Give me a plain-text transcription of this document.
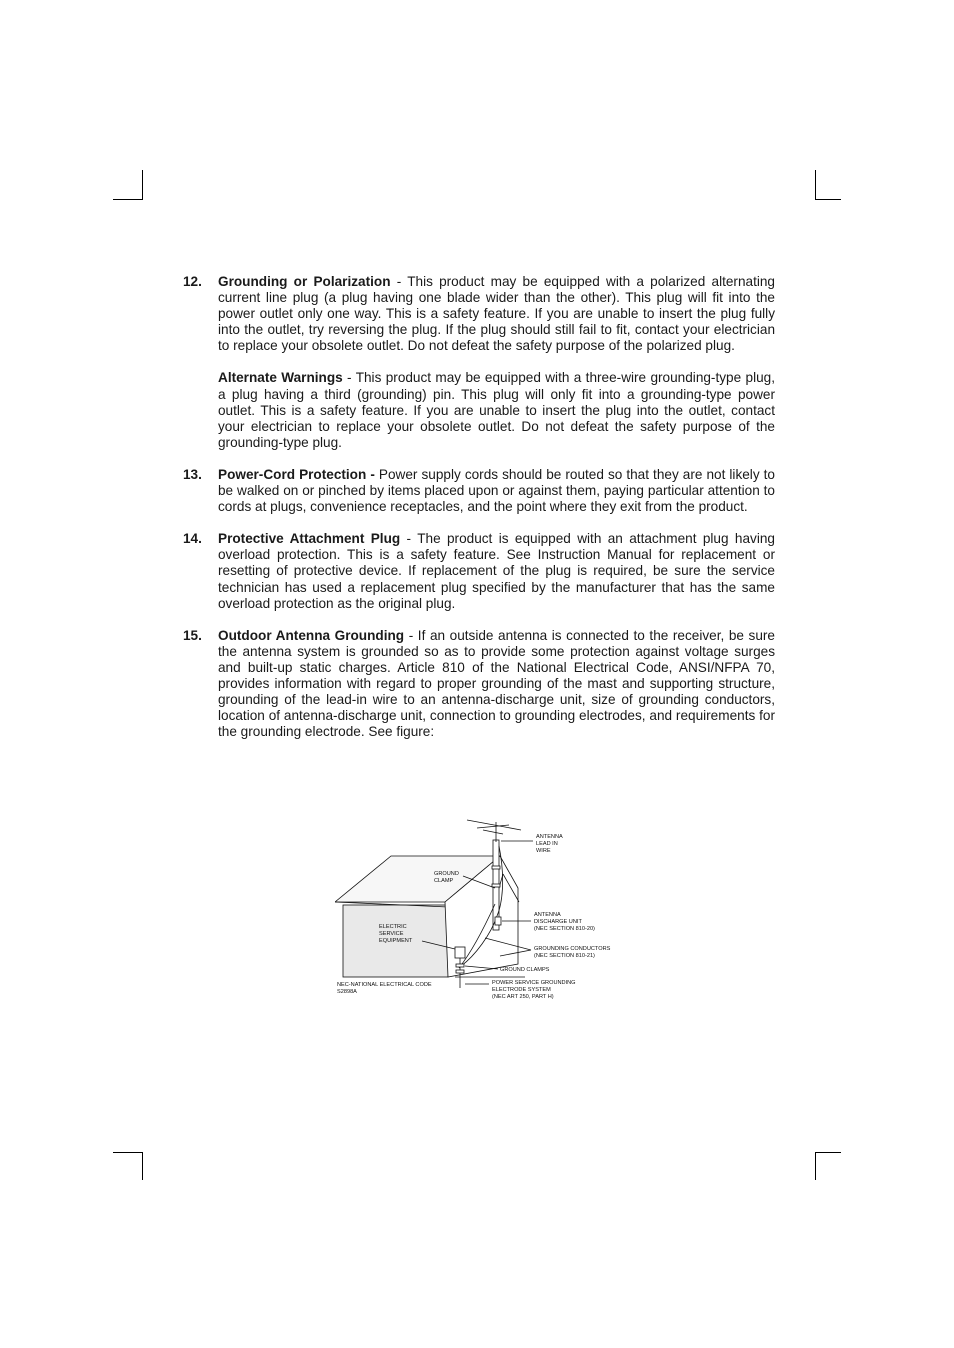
12.	Grounding or Polarization - This product may be equipped with a polarized alternating current line plug (a plug having one blade wider than the other). This plug will fit into the power outlet only one way. This is a safety feature. If you are unable to insert the plug fully into the outlet, try reversing the plug. If the plug should still fail to fit, contact your electrician to replace your obsolete outlet. Do not defeat the safety purpose of the polarized plug.

Alternate Warnings - This product may be equipped with a three-wire grounding-type plug, a plug having a third (grounding) pin. This plug will only fit into a grounding-type power outlet. This is a safety feature. If you are unable to insert the plug into the outlet, contact your electrician to replace your obsolete outlet. Do not defeat the safety purpose of the grounding-type plug.

13.	Power-Cord Protection - Power supply cords should be routed so that they are not likely to be walked on or pinched by items placed upon or against them, paying particular attention to cords at plugs, convenience receptacles, and the point where they exit from the product.

14.	Protective Attachment Plug - The product is equipped with an attachment plug having overload protection. This is a safety feature. See Instruction Manual for replacement or resetting of protective device. If replacement of the plug is required, be sure the service technician has used a replacement plug specified by the manufacturer that has the same overload protection as the original plug.

15.	Outdoor Antenna Grounding - If an outside antenna is connected to the receiver, be sure the antenna system is grounded so as to provide some protection against voltage surges and built-up static charges. Article 810 of the National Electrical Code, ANSI/NFPA 70, provides information with regard to proper grounding of the mast and supporting structure, grounding of the lead-in wire to an antenna-discharge unit, size of grounding conductors, location of antenna-discharge unit, connection to grounding electrodes, and requirements for the grounding electrode. See figure:

ANTENNA LEAD IN WIRE
GROUND CLAMP
ANTENNA DISCHARGE UNIT (NEC SECTION 810-20)
ELECTRIC SERVICE EQUIPMENT
GROUNDING CONDUCTORS (NEC SECTION 810-21)
GROUND CLAMPS
POWER SERVICE GROUNDING ELECTRODE SYSTEM (NEC ART 250, PART H)
NEC-NATIONAL ELECTRICAL CODE S2898A
